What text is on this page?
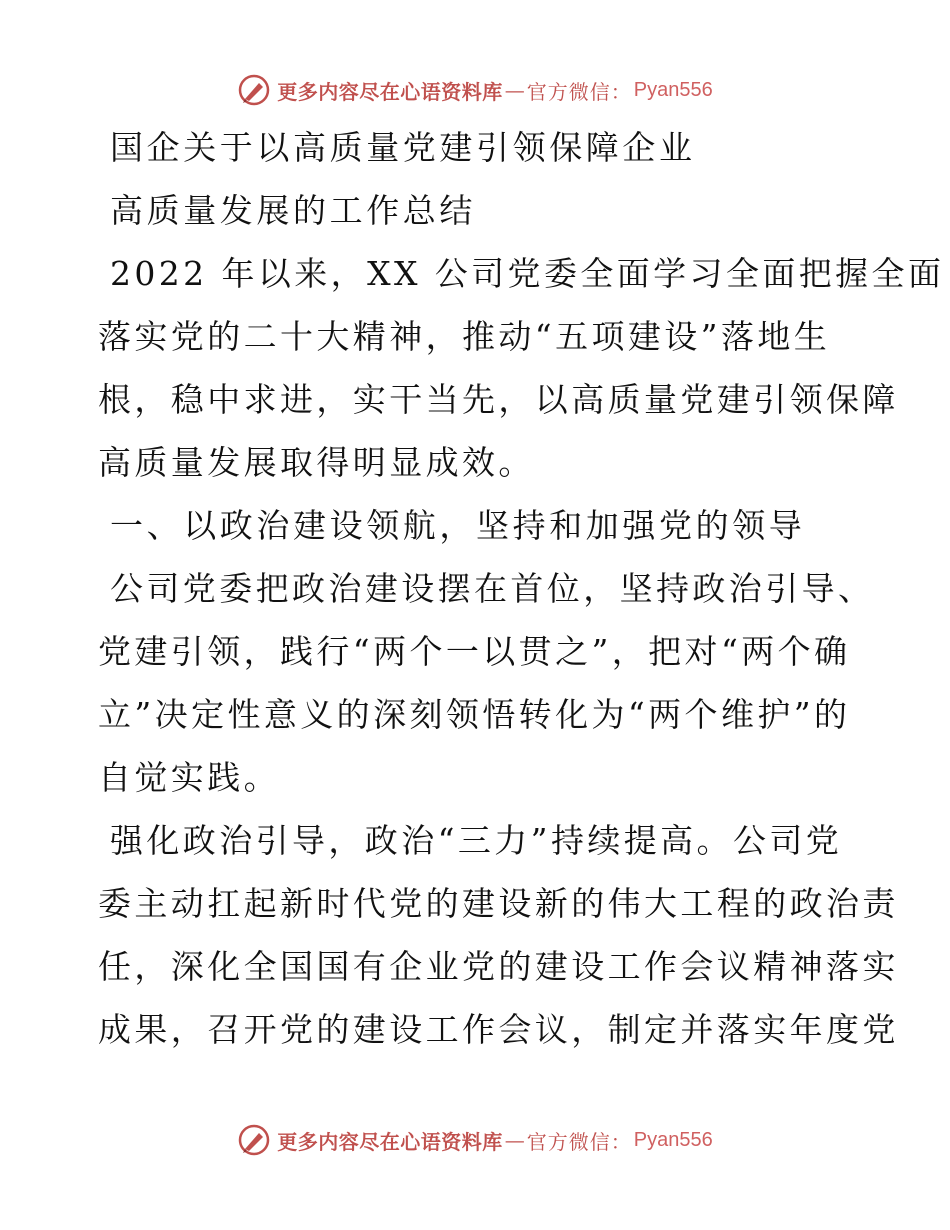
更多内容尽在心语资料库 — 官方微信： Pyan556
国企关于以高质量党建引领保障企业
高质量发展的工作总结
2022 年以来，XX 公司党委全面学习全面把握全面
落实党的二十大精神，推动“五项建设”落地生
根，稳中求进，实干当先，以高质量党建引领保障
高质量发展取得明显成效。
一、以政治建设领航，坚持和加强党的领导
公司党委把政治建设摆在首位，坚持政治引导、
党建引领，践行“两个一以贯之”，把对“两个确
立”决定性意义的深刻领悟转化为“两个维护”的
自觉实践。
强化政治引导，政治“三力”持续提高。公司党
委主动扛起新时代党的建设新的伟大工程的政治责
任，深化全国国有企业党的建设工作会议精神落实
成果，召开党的建设工作会议，制定并落实年度党
更多内容尽在心语资料库 — 官方微信： Pyan556
